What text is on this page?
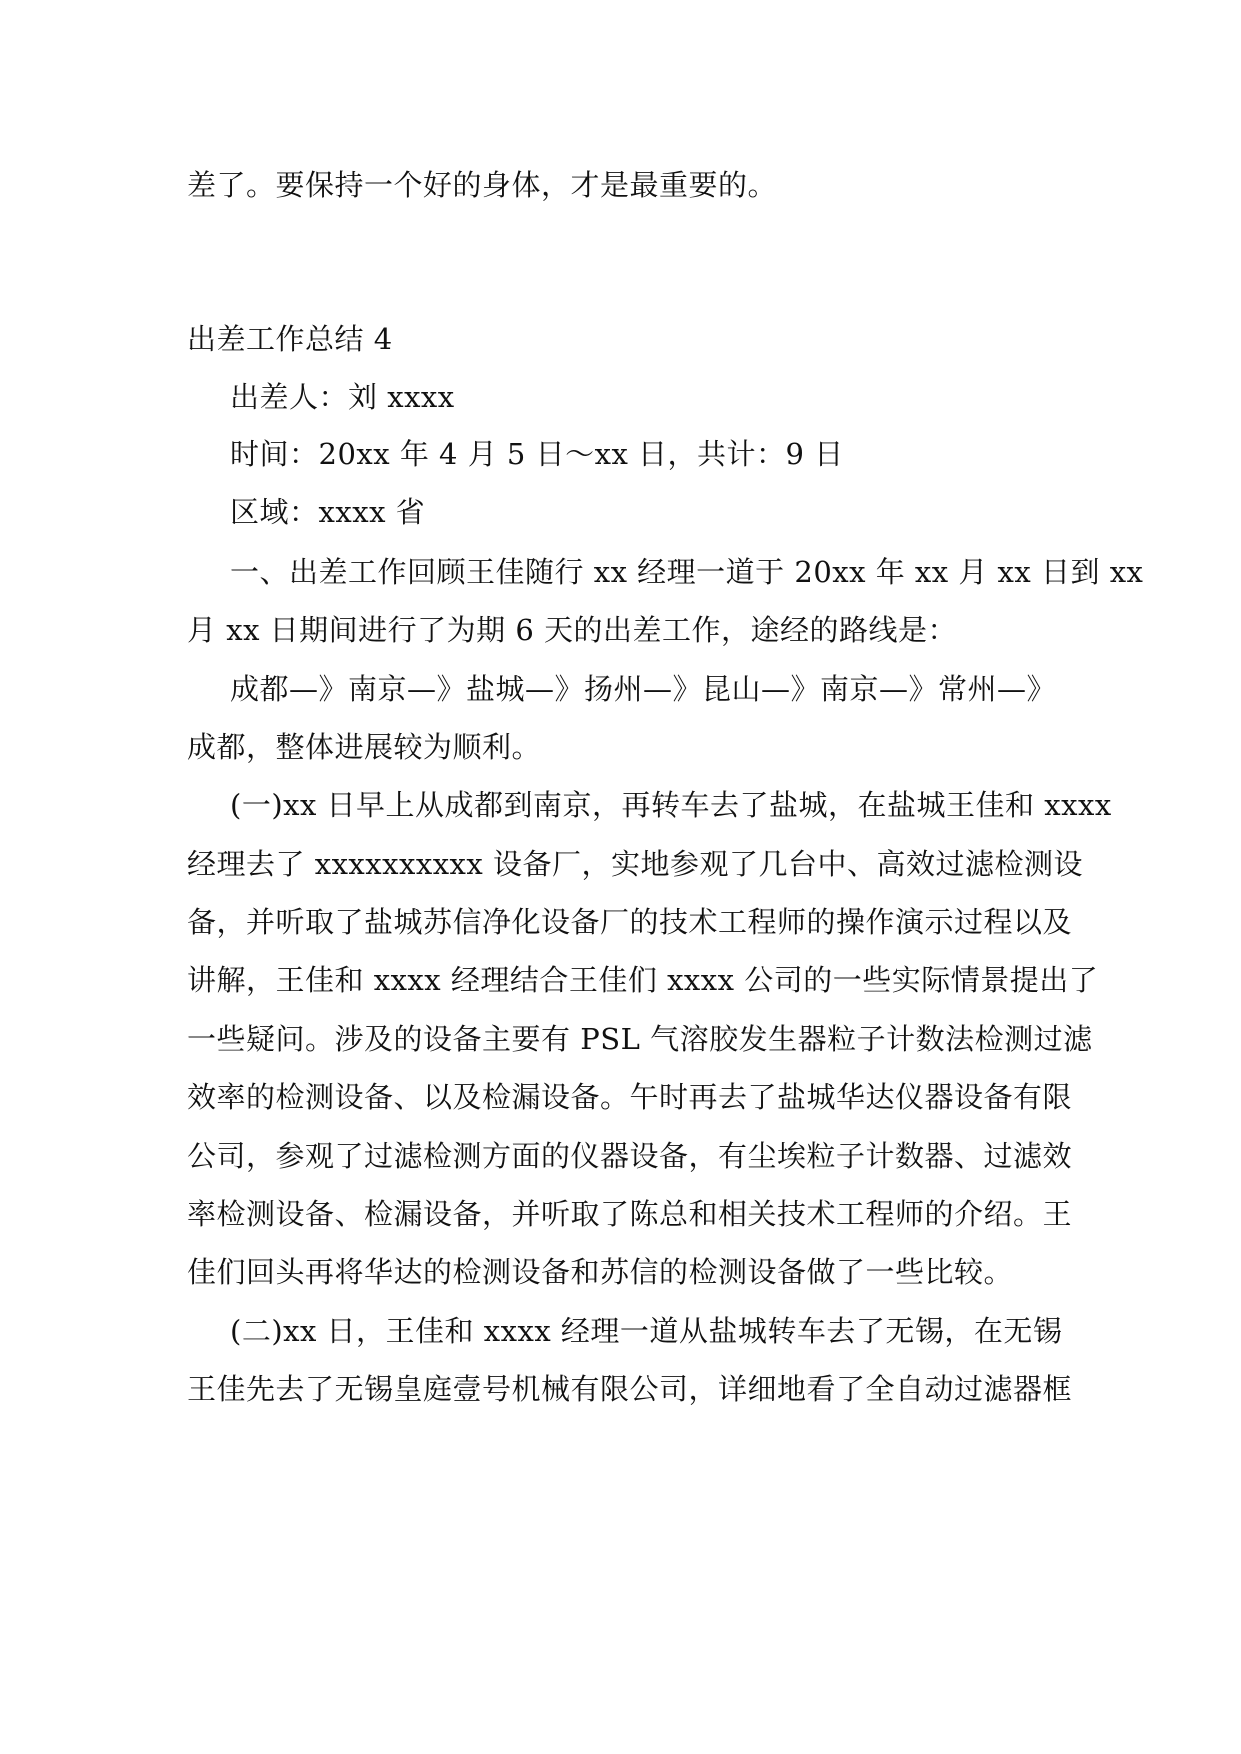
差了。要保持一个好的身体，才是最重要的。
出差工作总结 4
出差人：刘 xxxx
时间：20xx 年 4 月 5 日～xx 日，共计：9 日
区域：xxxx 省
一、出差工作回顾王佳随行 xx 经理一道于 20xx 年 xx 月 xx 日到 xx
月 xx 日期间进行了为期 6 天的出差工作，途经的路线是：
成都—》南京—》盐城—》扬州—》昆山—》南京—》常州—》
成都，整体进展较为顺利。
(一)xx 日早上从成都到南京，再转车去了盐城，在盐城王佳和 xxxx
经理去了 xxxxxxxxxx 设备厂，实地参观了几台中、高效过滤检测设
备，并听取了盐城苏信净化设备厂的技术工程师的操作演示过程以及
讲解，王佳和 xxxx 经理结合王佳们 xxxx 公司的一些实际情景提出了
一些疑问。涉及的设备主要有 PSL 气溶胶发生器粒子计数法检测过滤
效率的检测设备、以及检漏设备。午时再去了盐城华达仪器设备有限
公司，参观了过滤检测方面的仪器设备，有尘埃粒子计数器、过滤效
率检测设备、检漏设备，并听取了陈总和相关技术工程师的介绍。王
佳们回头再将华达的检测设备和苏信的检测设备做了一些比较。
(二)xx 日，王佳和 xxxx 经理一道从盐城转车去了无锡，在无锡
王佳先去了无锡皇庭壹号机械有限公司，详细地看了全自动过滤器框
